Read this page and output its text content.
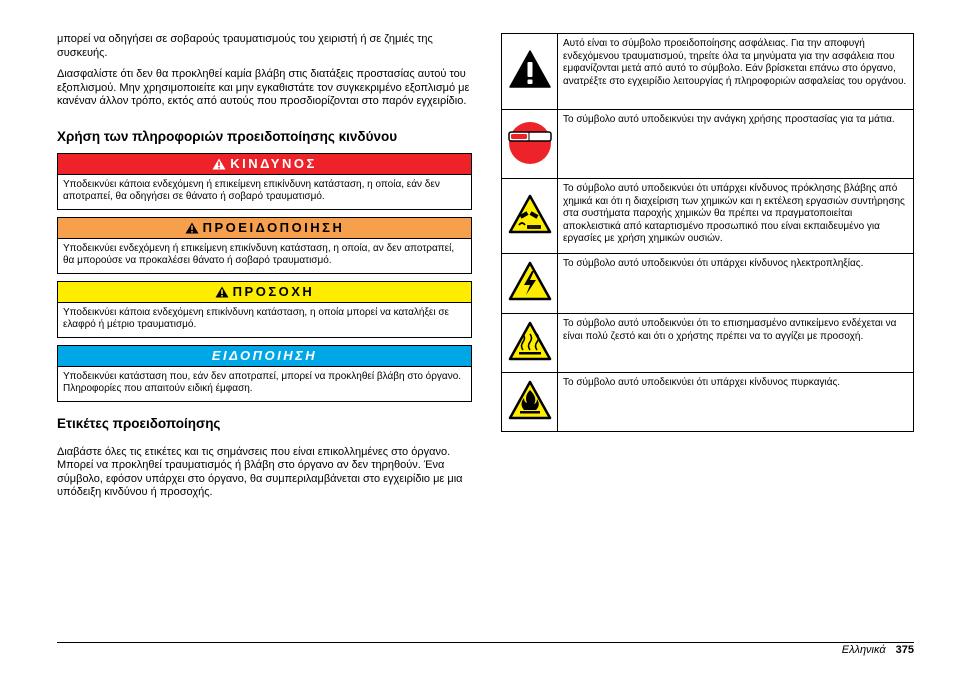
μπορεί να οδηγήσει σε σοβαρούς τραυματισμούς του χειριστή ή σε ζημιές της συσκευής.

Διασφαλίστε ότι δεν θα προκληθεί καμία βλάβη στις διατάξεις προστασίας αυτού του εξοπλισμού. Μην χρησιμοποιείτε και μην εγκαθιστάτε τον συγκεκριμένο εξοπλισμό με κανέναν άλλον τρόπο, εκτός από αυτούς που προσδιορίζονται στο παρόν εγχειρίδιο.

Χρήση των πληροφοριών προειδοποίησης κινδύνου
ΚΙΝΔΥΝΟΣ
Υποδεικνύει κάποια ενδεχόμενη ή επικείμενη επικίνδυνη κατάσταση, η οποία, εάν δεν αποτραπεί, θα οδηγήσει σε θάνατο ή σοβαρό τραυματισμό.
ΠΡΟΕΙΔΟΠΟΙΗΣΗ
Υποδεικνύει ενδεχόμενη ή επικείμενη επικίνδυνη κατάσταση, η οποία, αν δεν αποτραπεί, θα μπορούσε να προκαλέσει θάνατο ή σοβαρό τραυματισμό.
ΠΡΟΣΟΧΗ
Υποδεικνύει κάποια ενδεχόμενη επικίνδυνη κατάσταση, η οποία μπορεί να καταλήξει σε ελαφρό ή μέτριο τραυματισμό.
ΕΙΔΟΠΟΙΗΣΗ
Υποδεικνύει κατάσταση που, εάν δεν αποτραπεί, μπορεί να προκληθεί βλάβη στο όργανο. Πληροφορίες που απαιτούν ειδική έμφαση.
Ετικέτες προειδοποίησης

Διαβάστε όλες τις ετικέτες και τις σημάνσεις που είναι επικολλημένες στο όργανο. Μπορεί να προκληθεί τραυματισμός ή βλάβη στο όργανο αν δεν τηρηθούν. Ένα σύμβολο, εφόσον υπάρχει στο όργανο, θα συμπεριλαμβάνεται στο εγχειρίδιο με μια υπόδειξη κινδύνου ή προσοχής.

	Αυτό είναι το σύμβολο προειδοποίησης ασφάλειας. Για την αποφυγή ενδεχόμενου τραυματισμού, τηρείτε όλα τα μηνύματα για την ασφάλεια που εμφανίζονται μετά από αυτό το σύμβολο. Εάν βρίσκεται επάνω στο όργανο, ανατρέξτε στο εγχειρίδιο λειτουργίας ή πληροφοριών ασφαλείας του οργάνου.
	Το σύμβολο αυτό υποδεικνύει την ανάγκη χρήσης προστασίας για τα μάτια.
	Το σύμβολο αυτό υποδεικνύει ότι υπάρχει κίνδυνος πρόκλησης βλάβης από χημικά και ότι η διαχείριση των χημικών και η εκτέλεση εργασιών συντήρησης στα συστήματα παροχής χημικών θα πρέπει να πραγματοποιείται αποκλειστικά από καταρτισμένο προσωπικό που είναι εκπαιδευμένο για εργασίες με χρήση χημικών ουσιών.
	Το σύμβολο αυτό υποδεικνύει ότι υπάρχει κίνδυνος ηλεκτροπληξίας.
	Το σύμβολο αυτό υποδεικνύει ότι το επισημασμένο αντικείμενο ενδέχεται να είναι πολύ ζεστό και ότι ο χρήστης πρέπει να το αγγίζει με προσοχή.
	Το σύμβολο αυτό υποδεικνύει ότι υπάρχει κίνδυνος πυρκαγιάς.
Ελληνικά 375
